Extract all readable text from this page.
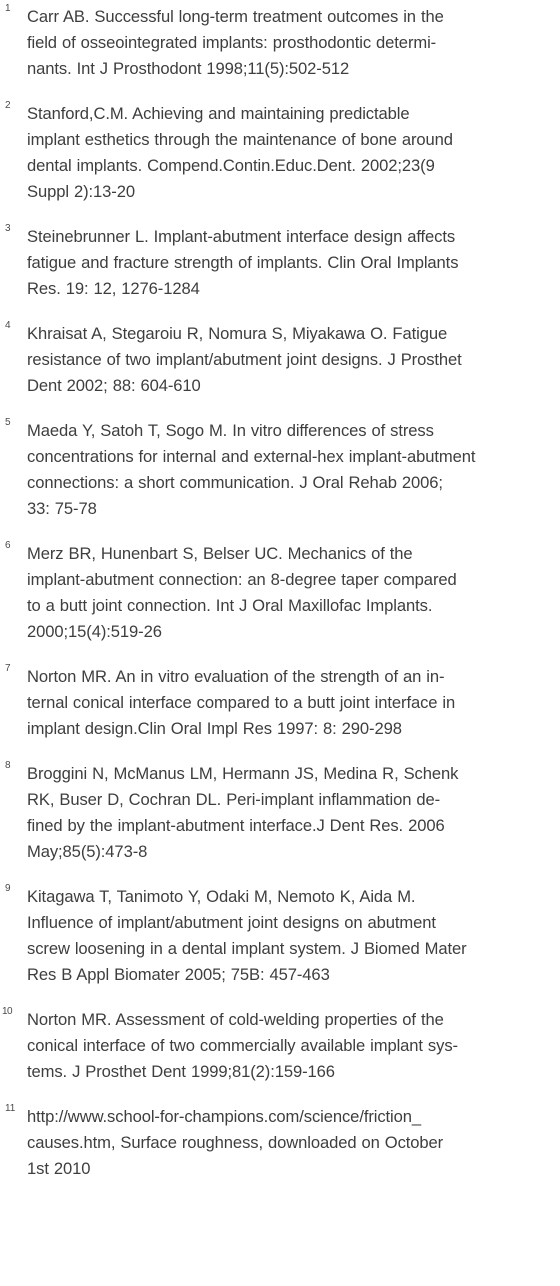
1 Carr AB. Successful long-term treatment outcomes in the
field of osseointegrated implants: prosthodontic determi-
nants. Int J Prosthodont 1998;11(5):502-512
2 Stanford,C.M. Achieving and maintaining predictable
implant esthetics through the maintenance of bone around
dental implants. Compend.Contin.Educ.Dent. 2002;23(9
Suppl 2):13-20
3 Steinebrunner L. Implant-abutment interface design affects
fatigue and fracture strength of implants. Clin Oral Implants
Res. 19: 12, 1276-1284
4 Khraisat A, Stegaroiu R, Nomura S, Miyakawa O. Fatigue
resistance of two implant/abutment joint designs. J Prosthet
Dent 2002; 88: 604-610
5 Maeda Y, Satoh T, Sogo M. In vitro differences of stress
concentrations for internal and external-hex implant-abutment
connections: a short communication. J Oral Rehab 2006;
33: 75-78
6 Merz BR, Hunenbart S, Belser UC. Mechanics of the
implant-abutment connection: an 8-degree taper compared
to a butt joint connection. Int J Oral Maxillofac Implants.
2000;15(4):519-26
7 Norton MR. An in vitro evaluation of the strength of an in-
ternal conical interface compared to a butt joint interface in
implant design.Clin Oral Impl Res 1997: 8: 290-298
8 Broggini N, McManus LM, Hermann JS, Medina R, Schenk
RK, Buser D, Cochran DL. Peri-implant inflammation de-
fined by the implant-abutment interface.J Dent Res. 2006
May;85(5):473-8
9 Kitagawa T, Tanimoto Y, Odaki M, Nemoto K, Aida M.
Influence of implant/abutment joint designs on abutment
screw loosening in a dental implant system. J Biomed Mater
Res B Appl Biomater 2005; 75B: 457-463
10 Norton MR. Assessment of cold-welding properties of the
conical interface of two commercially available implant sys-
tems. J Prosthet Dent 1999;81(2):159-166
11 http://www.school-for-champions.com/science/friction_
causes.htm, Surface roughness, downloaded on October
1st 2010
